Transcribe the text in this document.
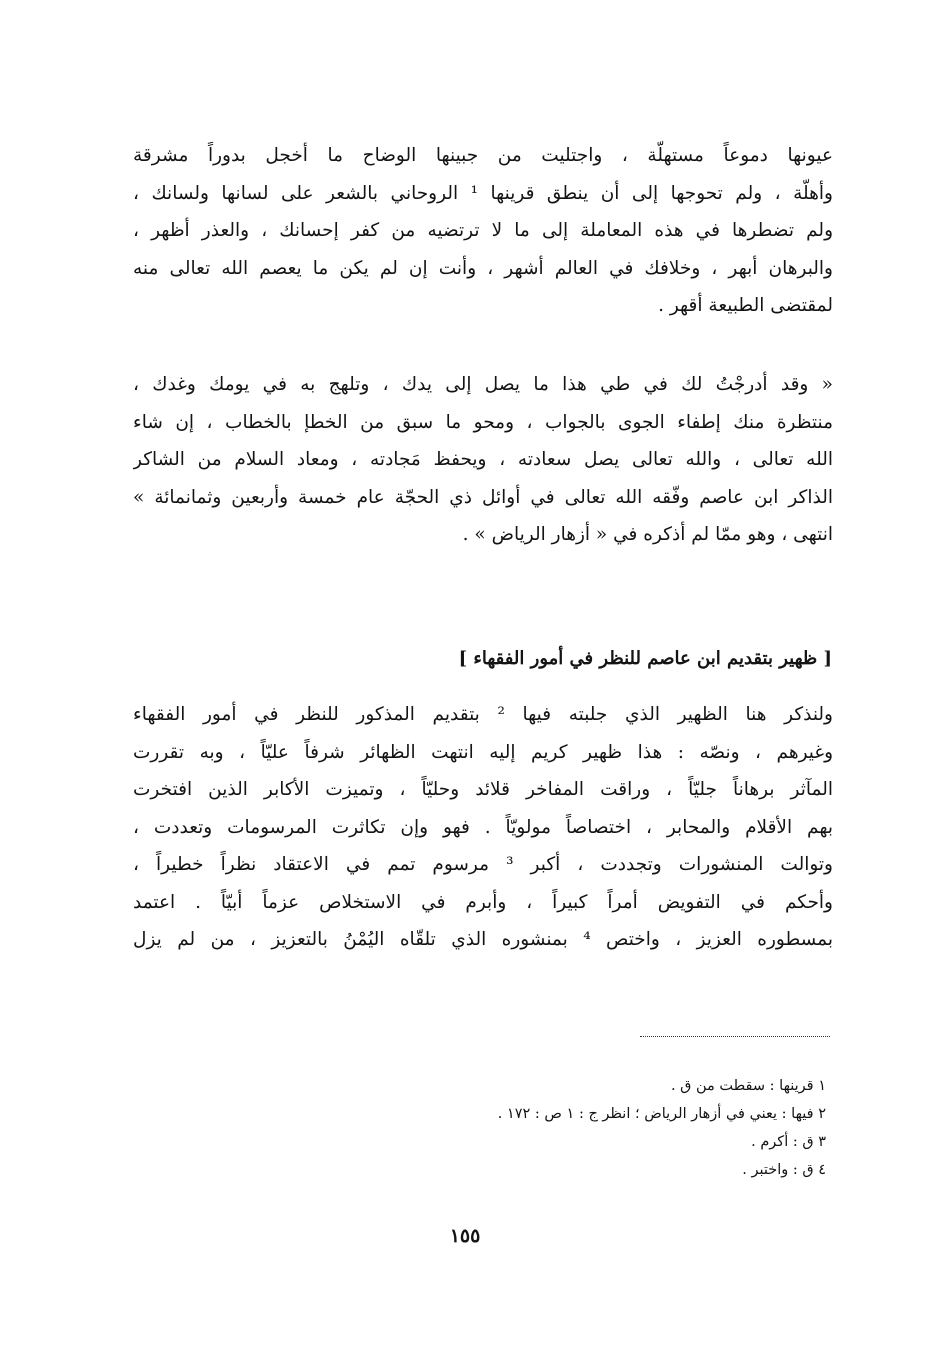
عيونها دموعاً مستهلّة ، واجتليت من جبينها الوضاح ما أخجل بدوراً مشرقة
وأهلّة ، ولم تحوجها إلى أن ينطق قرينها ¹ الروحاني بالشعر على لسانها ولسانك ،
ولم تضطرها في هذه المعاملة إلى ما لا ترتضيه من كفر إحسانك ، والعذر أظهر ،
والبرهان أبهر ، وخلافك في العالم أشهر ، وأنت إن لم يكن ما يعصم الله تعالى منه
لمقتضى الطبيعة أقهر .
« وقد أدرجْتُ لك في طي هذا ما يصل إلى يدك ، وتلهج به في يومك وغدك ،
منتظرة منك إطفاء الجوى بالجواب ، ومحو ما سبق من الخطإ بالخطاب ، إن شاء
الله تعالى ، والله تعالى يصل سعادته ، ويحفظ مَجادته ، ومعاد السلام من الشاكر
الذاكر ابن عاصم وفّقه الله تعالى في أوائل ذي الحجّة عام خمسة وأربعين وثمانمائة »
انتهى ، وهو ممّا لم أذكره في « أزهار الرياض » .
[ ظهير بتقديم ابن عاصم للنظر في أمور الفقهاء ]
ولنذكر هنا الظهير الذي جلبته فيها ² بتقديم المذكور للنظر في أمور الفقهاء
وغيرهم ، ونصّه : هذا ظهير كريم إليه انتهت الظهائر شرفاً عليّاً ، وبه تقررت
المآثر برهاناً جليّاً ، وراقت المفاخر قلائد وحليّاً ، وتميزت الأكابر الذين افتخرت
بهم الأقلام والمحابر ، اختصاصاً مولويّاً . فهو وإن تكاثرت المرسومات وتعددت ،
وتوالت المنشورات وتجددت ، أكبر ³ مرسوم تمم في الاعتقاد نظراً خطيراً ،
وأحكم في التفويض أمراً كبيراً ، وأبرم في الاستخلاص عزماً أبيّاً . اعتمد
بمسطوره العزيز ، واختص ⁴ بمنشوره الذي تلقّاه اليُمْنُ بالتعزيز ، من لم يزل
١ قرينها : سقطت من ق .
٢ فيها : يعني في أزهار الرياض ؛ انظر ج : ١ ص : ١٧٢ .
٣ ق : أكرم .
٤ ق : واختبر .
١٥٥
